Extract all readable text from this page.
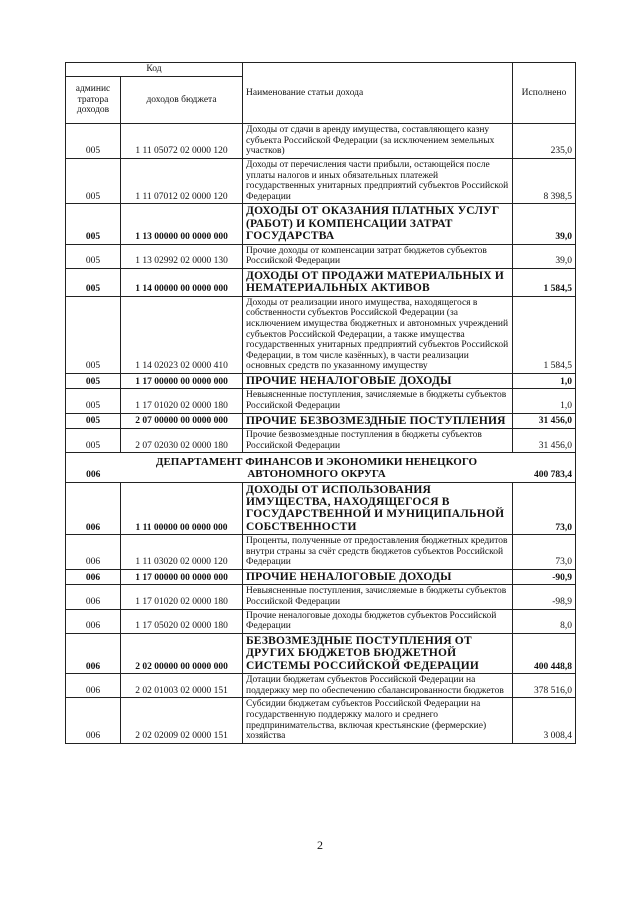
Код		Наименование статьи дохода	Исполнено
админис тратора доходов	доходов бюджета		
005	1 11 05072 02 0000 120	Доходы от сдачи в аренду имущества, составляющего казну субъекта Российской Федерации (за исключением земельных участков)	235,0
005	1 11 07012 02 0000 120	Доходы от перечисления части прибыли, остающейся после уплаты налогов и иных обязательных платежей государственных унитарных предприятий субъектов Российской Федерации	8 398,5
005	1 13 00000 00 0000 000	ДОХОДЫ ОТ ОКАЗАНИЯ ПЛАТНЫХ УСЛУГ (РАБОТ) И КОМПЕНСАЦИИ ЗАТРАТ ГОСУДАРСТВА	39,0
005	1 13 02992 02 0000 130	Прочие доходы от компенсации затрат бюджетов субъектов Российской Федерации	39,0
005	1 14 00000 00 0000 000	ДОХОДЫ ОТ ПРОДАЖИ МАТЕРИАЛЬНЫХ И НЕМАТЕРИАЛЬНЫХ АКТИВОВ	1 584,5
005	1 14 02023 02 0000 410	Доходы от реализации иного имущества, находящегося в собственности субъектов Российской Федерации (за исключением имущества бюджетных и автономных учреждений субъектов Российской Федерации, а также имущества государственных унитарных предприятий субъектов Российской Федерации, в том числе казённых), в части реализации основных средств по указанному имуществу	1 584,5
005	1 17 00000 00 0000 000	ПРОЧИЕ НЕНАЛОГОВЫЕ ДОХОДЫ	1,0
005	1 17 01020 02 0000 180	Невыясненные поступления, зачисляемые в бюджеты субъектов Российской Федерации	1,0
005	2 07 00000 00 0000 000	ПРОЧИЕ БЕЗВОЗМЕЗДНЫЕ ПОСТУПЛЕНИЯ	31 456,0
005	2 07 02030 02 0000 180	Прочие безвозмездные поступления в бюджеты субъектов Российской Федерации	31 456,0
006	ДЕПАРТАМЕНТ ФИНАНСОВ И ЭКОНОМИКИ НЕНЕЦКОГО АВТОНОМНОГО ОКРУГА		400 783,4
006	1 11 00000 00 0000 000	ДОХОДЫ ОТ ИСПОЛЬЗОВАНИЯ ИМУЩЕСТВА, НАХОДЯЩЕГОСЯ В ГОСУДАРСТВЕННОЙ И МУНИЦИПАЛЬНОЙ СОБСТВЕННОСТИ	73,0
006	1 11 03020 02 0000 120	Проценты, полученные от предоставления бюджетных кредитов внутри страны за счёт средств бюджетов субъектов Российской Федерации	73,0
006	1 17 00000 00 0000 000	ПРОЧИЕ НЕНАЛОГОВЫЕ ДОХОДЫ	-90,9
006	1 17 01020 02 0000 180	Невыясненные поступления, зачисляемые в бюджеты субъектов Российской Федерации	-98,9
006	1 17 05020 02 0000 180	Прочие неналоговые доходы бюджетов субъектов Российской Федерации	8,0
006	2 02 00000 00 0000 000	БЕЗВОЗМЕЗДНЫЕ ПОСТУПЛЕНИЯ ОТ ДРУГИХ БЮДЖЕТОВ БЮДЖЕТНОЙ СИСТЕМЫ РОССИЙСКОЙ ФЕДЕРАЦИИ	400 448,8
006	2 02 01003 02 0000 151	Дотации бюджетам субъектов Российской Федерации на поддержку мер по обеспечению сбалансированности бюджетов	378 516,0
006	2 02 02009 02 0000 151	Субсидии бюджетам субъектов Российской Федерации на государственную поддержку малого и среднего предпринимательства, включая крестьянские (фермерские) хозяйства	3 008,4
2
